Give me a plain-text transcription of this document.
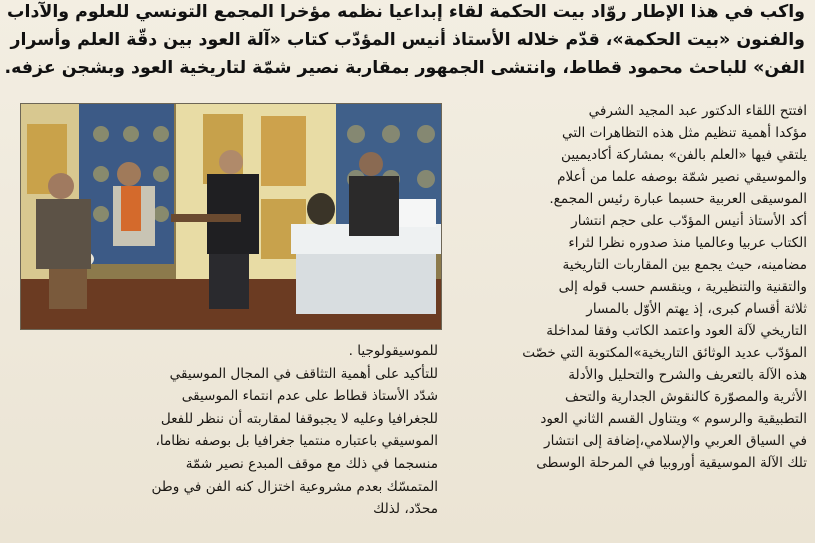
واكب في هذا الإطار روّاد بيت الحكمة لقاء إبداعيا نظمه مؤخرا المجمع التونسي للعلوم والآداب
والفنون «بيت الحكمة»، قدّم خلاله الأستاذ أنيس المؤدّب كتاب «آلة العود بين دقّة العلم وأسرار
الفن» للباحث محمود قطاط، وانتشى الجمهور بمقاربة نصير شمّة لتاريخية العود وبشجن عزفه.
افتتح اللقاء الدكتور عبد المجيد الشرفي
مؤكدا أهمية تنظيم مثل هذه التظاهرات التي
يلتقي فيها «العلم بالفن» بمشاركة أكاديميين
والموسيقي نصير شمّة بوصفه علما من أعلام
الموسيقى العربية حسبما عبارة رئيس المجمع.
أكد الأستاذ أنيس المؤدّب على حجم انتشار
الكتاب عربيا وعالميا منذ صدوره نظرا لثراء
مضامينه، حيث يجمع بين المقاربات التاريخية
والتقنية والتنظيرية ، وينقسم حسب قوله إلى
ثلاثة أقسام كبرى، إذ يهتم الأوّل بالمسار
التاريخي لآلة العود واعتمد الكاتب وفقا لمداخلة
المؤدّب عديد الوثائق التاريخية»المكتوبة التي خصّت
هذه الآلة بالتعريف والشرح والتحليل والأدلة
الأثرية والمصوّرة كالنقوش الجدارية والتحف
التطبيقية والرسوم » ويتناول القسم الثاني العود
في السياق العربي والإسلامي،إضافة إلى انتشار
تلك الآلة الموسيقية أوروبيا في المرحلة الوسطى
للموسيقولوجيا .
للتأكيد على أهمية التثاقف في المجال الموسيقي
شدّد الأستاذ قطاط على عدم انتماء الموسيقى
للجغرافيا وعليه لا يجبوقفا لمقاربته أن ننظر للفعل
الموسيقي باعتباره منتميا جغرافيا بل بوصفه نظاما،
منسجما في ذلك مع موقف المبدع نصير شمّة
المتمسّك بعدم مشروعية اختزال كنه الفن في وطن
محدّد، لذلك
